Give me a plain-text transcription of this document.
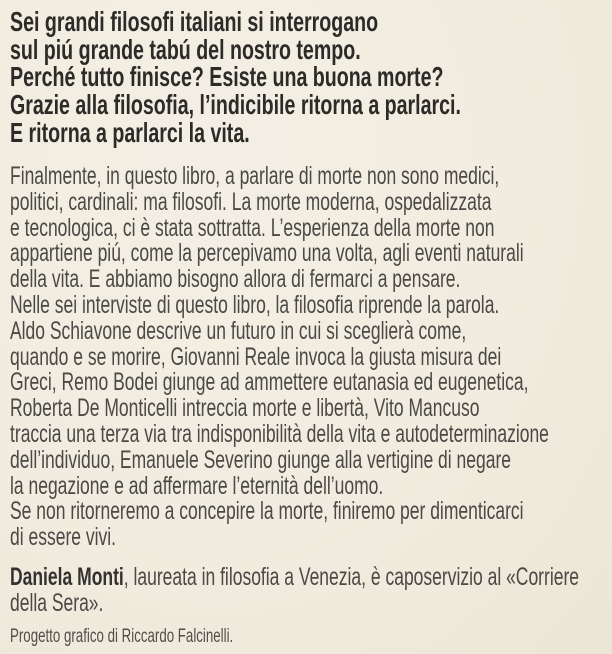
Sei grandi filosofi italiani si interrogano
sul piú grande tabú del nostro tempo.
Perché tutto finisce? Esiste una buona morte?
Grazie alla filosofia, l’indicibile ritorna a parlarci.
E ritorna a parlarci la vita.
Finalmente, in questo libro, a parlare di morte non sono medici,
politici, cardinali: ma filosofi. La morte moderna, ospedalizzata
e tecnologica, ci è stata sottratta. L’esperienza della morte non
appartiene piú, come la percepivamo una volta, agli eventi naturali
della vita. E abbiamo bisogno allora di fermarci a pensare.
Nelle sei interviste di questo libro, la filosofia riprende la parola.
Aldo Schiavone descrive un futuro in cui si sceglierà come,
quando e se morire, Giovanni Reale invoca la giusta misura dei
Greci, Remo Bodei giunge ad ammettere eutanasia ed eugenetica,
Roberta De Monticelli intreccia morte e libertà, Vito Mancuso
traccia una terza via tra indisponibilità della vita e autodeterminazione
dell’individuo, Emanuele Severino giunge alla vertigine di negare
la negazione e ad affermare l’eternità dell’uomo.
Se non ritorneremo a concepire la morte, finiremo per dimenticarci
di essere vivi.
Daniela Monti, laureata in filosofia a Venezia, è caposervizio al «Corriere
della Sera».
Progetto grafico di Riccardo Falcinelli.
